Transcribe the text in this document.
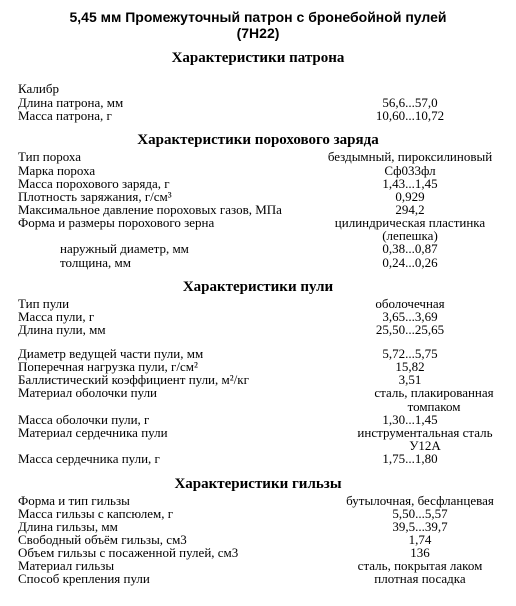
5,45 мм Промежуточный патрон с бронебойной пулей
(7Н22)
Характеристики патрона
Калибр
Длина патрона, мм	56,6...57,0
Масса патрона, г	10,60...10,72
Характеристики порохового заряда
Тип пороха	бездымный, пироксилиновый
Марка пороха	Сф033фл
Масса порохового заряда, г	1,43...1,45
Плотность заряжания, г/см³	0,929
Максимальное давление пороховых газов, МПа	294,2
Форма и размеры порохового зерна	цилиндрическая пластинка
(лепешка)
наружный диаметр, мм	0,38...0,87
толщина, мм	0,24...0,26
Характеристики пули
Тип пули	оболочечная
Масса пули, г	3,65...3,69
Длина пули, мм	25,50...25,65
Диаметр ведущей части пули, мм	5,72...5,75
Поперечная нагрузка пули, г/см²	15,82
Баллистический коэффициент пули, м²/кг	3,51
Материал оболочки пули	сталь, плакированная
томпаком
Масса оболочки пули, г	1,30...1,45
Материал сердечника пули	инструментальная сталь
У12А
Масса сердечника пули, г	1,75...1,80
Характеристики гильзы
Форма и тип гильзы	бутылочная, бесфланцевая
Масса гильзы с капсюлем, г	5,50...5,57
Длина гильзы, мм	39,5...39,7
Свободный объём гильзы, см3	1,74
Объем гильзы с посаженной пулей, см3	136
Материал гильзы	сталь, покрытая лаком
Способ крепления пули	плотная посадка
